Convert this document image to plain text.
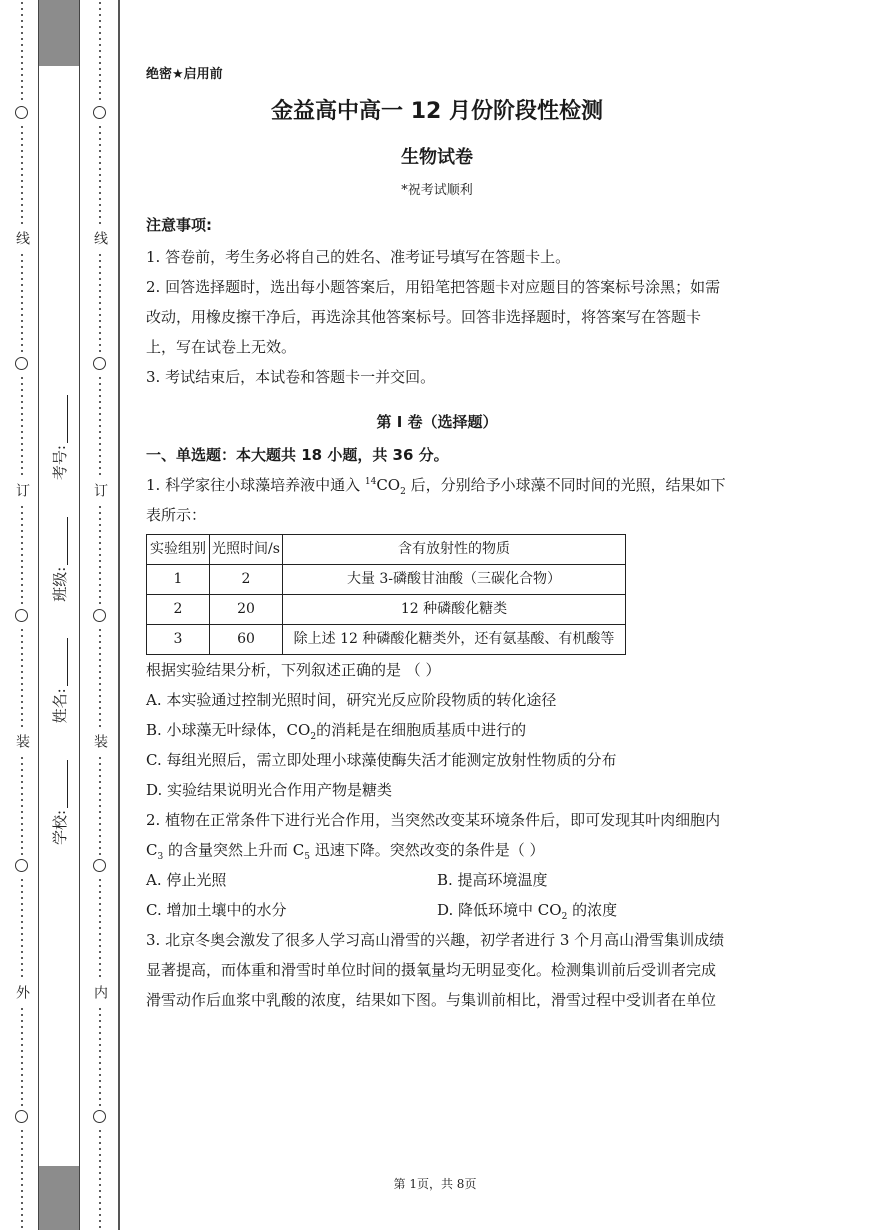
线
订
装
外
学校:
姓名:
班级:
考号:
线
订
装
内
绝密★启用前
金益高中高一 12 月份阶段性检测
生物试卷
*祝考试顺利
注意事项:

1. 答卷前，考生务必将自己的姓名、准考证号填写在答题卡上。

2. 回答选择题时，选出每小题答案后，用铅笔把答题卡对应题目的答案标号涂黑；如需改动，用橡皮擦干净后，再选涂其他答案标号。回答非选择题时，将答案写在答题卡上，写在试卷上无效。

3. 考试结束后，本试卷和答题卡一并交回。

第 I 卷（选择题）
一、单选题：本大题共 18 小题，共 36 分。

1. 科学家往小球藻培养液中通入 $^{14}CO_2$ 后，分别给予小球藻不同时间的光照，结果如下表所示：

实验组别	光照时间/s	含有放射性的物质
1	2	大量 3-磷酸甘油酸（三碳化合物）
2	20	12 种磷酸化糖类
3	60	除上述 12 种磷酸化糖类外，还有氨基酸、有机酸等

根据实验结果分析，下列叙述正确的是 （ ）

A. 本实验通过控制光照时间，研究光反应阶段物质的转化途径

B. 小球藻无叶绿体，$CO_2$的消耗是在细胞质基质中进行的

C. 每组光照后，需立即处理小球藻使酶失活才能测定放射性物质的分布

D. 实验结果说明光合作用产物是糖类

2. 植物在正常条件下进行光合作用，当突然改变某环境条件后，即可发现其叶肉细胞内
$C_3$ 的含量突然上升而 $C_5$ 迅速下降。突然改变的条件是（ ）

A. 停止光照	B. 提高环境温度
C. 增加土壤中的水分	D. 降低环境中 $CO_2$ 的浓度

3. 北京冬奥会激发了很多人学习高山滑雪的兴趣，初学者进行 3 个月高山滑雪集训成绩显著提高，而体重和滑雪时单位时间的摄氧量均无明显变化。检测集训前后受训者完成滑雪动作后血浆中乳酸的浓度，结果如下图。与集训前相比，滑雪过程中受训者在单位

第 1页，共 8页
